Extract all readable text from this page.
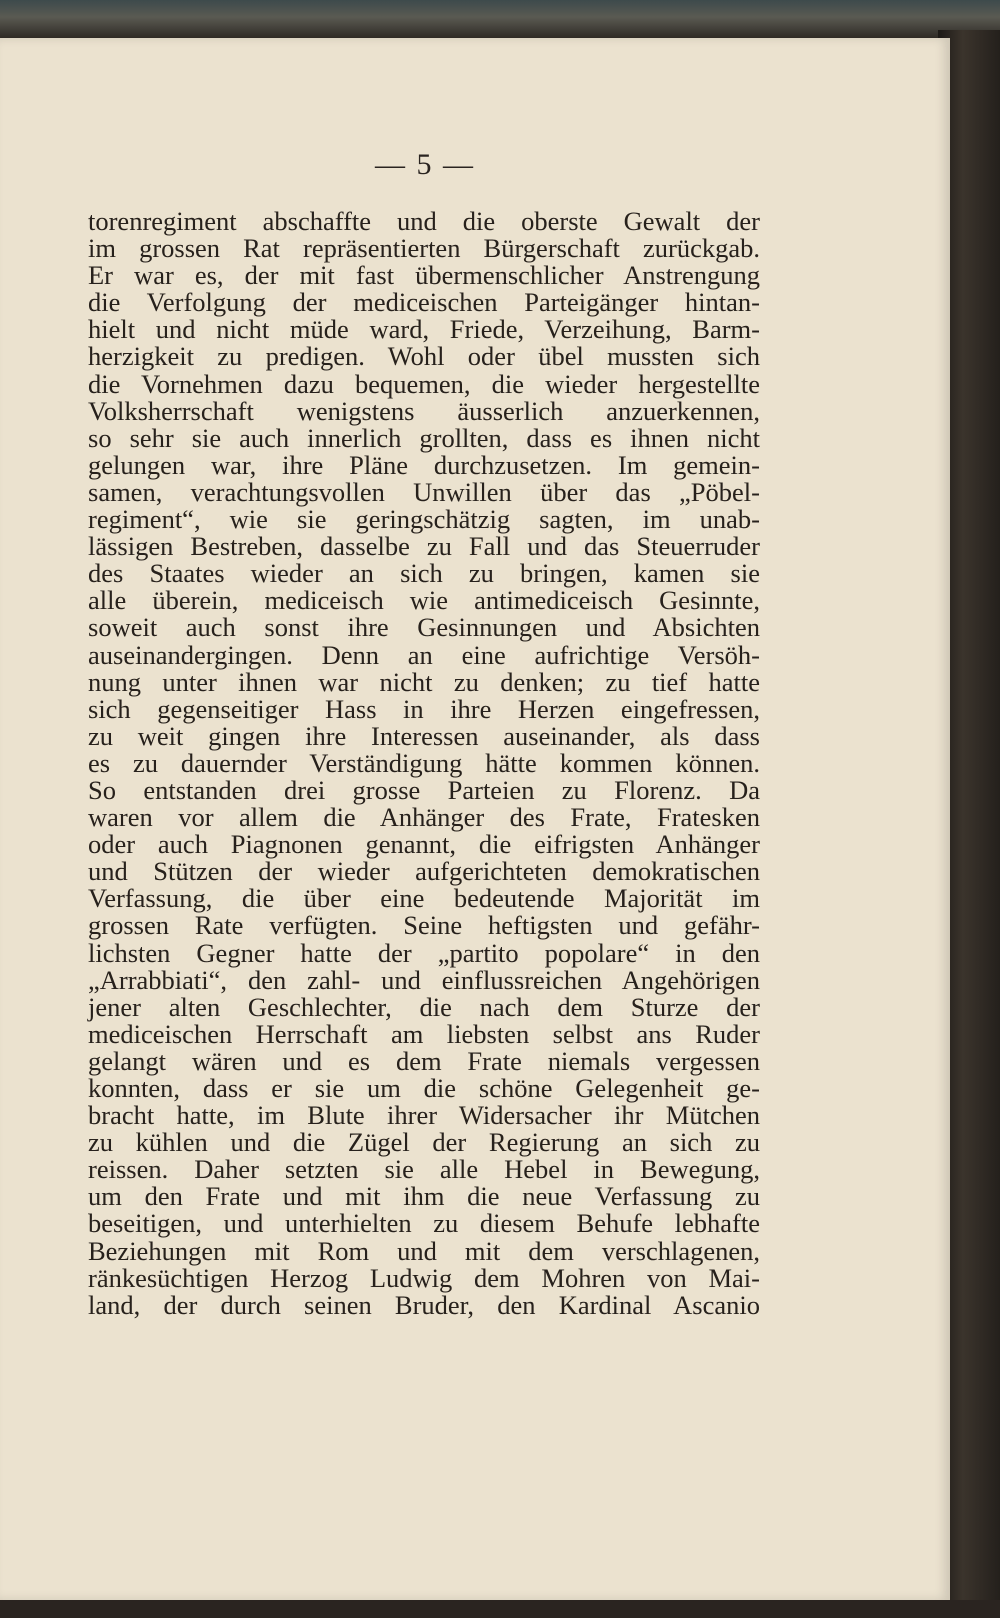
— 5 —
torenregiment abschaffte und die oberste Gewalt der
im grossen Rat repräsentierten Bürgerschaft zurückgab.
Er war es, der mit fast übermenschlicher Anstrengung
die Verfolgung der mediceischen Parteigänger hintan-
hielt und nicht müde ward, Friede, Verzeihung, Barm-
herzigkeit zu predigen. Wohl oder übel mussten sich
die Vornehmen dazu bequemen, die wieder hergestellte
Volksherrschaft wenigstens äusserlich anzuerkennen,
so sehr sie auch innerlich grollten, dass es ihnen nicht
gelungen war, ihre Pläne durchzusetzen. Im gemein-
samen, verachtungsvollen Unwillen über das „Pöbel-
regiment“, wie sie geringschätzig sagten, im unab-
lässigen Bestreben, dasselbe zu Fall und das Steuerruder
des Staates wieder an sich zu bringen, kamen sie
alle überein, mediceisch wie antimediceisch Gesinnte,
soweit auch sonst ihre Gesinnungen und Absichten
auseinandergingen. Denn an eine aufrichtige Versöh-
nung unter ihnen war nicht zu denken; zu tief hatte
sich gegenseitiger Hass in ihre Herzen eingefressen,
zu weit gingen ihre Interessen auseinander, als dass
es zu dauernder Verständigung hätte kommen können.
So entstanden drei grosse Parteien zu Florenz. Da
waren vor allem die Anhänger des Frate, Fratesken
oder auch Piagnonen genannt, die eifrigsten Anhänger
und Stützen der wieder aufgerichteten demokratischen
Verfassung, die über eine bedeutende Majorität im
grossen Rate verfügten. Seine heftigsten und gefähr-
lichsten Gegner hatte der „partito popolare“ in den
„Arrabbiati“, den zahl- und einflussreichen Angehörigen
jener alten Geschlechter, die nach dem Sturze der
mediceischen Herrschaft am liebsten selbst ans Ruder
gelangt wären und es dem Frate niemals vergessen
konnten, dass er sie um die schöne Gelegenheit ge-
bracht hatte, im Blute ihrer Widersacher ihr Mütchen
zu kühlen und die Zügel der Regierung an sich zu
reissen. Daher setzten sie alle Hebel in Bewegung,
um den Frate und mit ihm die neue Verfassung zu
beseitigen, und unterhielten zu diesem Behufe lebhafte
Beziehungen mit Rom und mit dem verschlagenen,
ränkesüchtigen Herzog Ludwig dem Mohren von Mai-
land, der durch seinen Bruder, den Kardinal Ascanio
